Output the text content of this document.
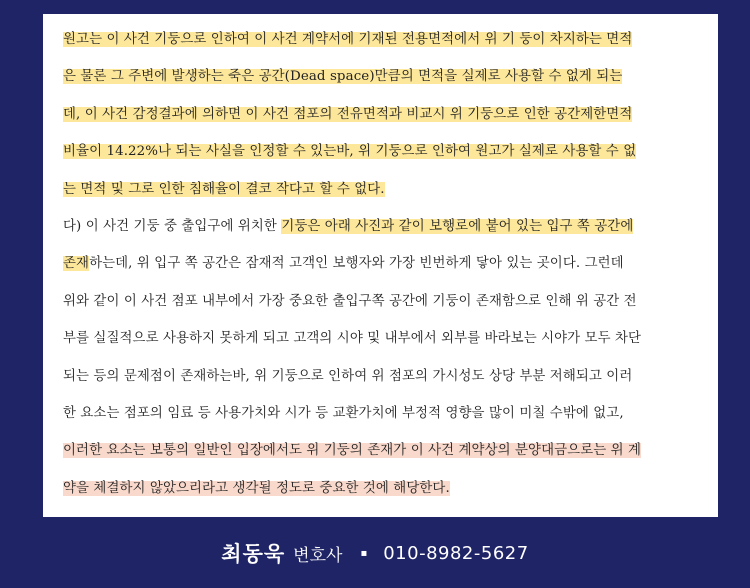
원고는 이 사건 기둥으로 인하여 이 사건 계약서에 기재된 전용면적에서 위 기 둥이 차지하는 면적
은 물론 그 주변에 발생하는 죽은 공간(Dead space)만큼의 면적을 실제로 사용할 수 없게 되는
데, 이 사건 감정결과에 의하면 이 사건 점포의 전유면적과 비교시 위 기둥으로 인한 공간제한면적
비율이 14.22%나 되는 사실을 인정할 수 있는바, 위 기둥으로 인하여 원고가 실제로 사용할 수 없
는 면적 및 그로 인한 침해율이 결코 작다고 할 수 없다.
다) 이 사건 기둥 중 출입구에 위치한 기둥은 아래 사진과 같이 보행로에 붙어 있는 입구 쪽 공간에
존재하는데, 위 입구 쪽 공간은 잠재적 고객인 보행자와 가장 빈번하게 닿아 있는 곳이다. 그런데
위와 같이 이 사건 점포 내부에서 가장 중요한 출입구쪽 공간에 기둥이 존재함으로 인해 위 공간 전
부를 실질적으로 사용하지 못하게 되고 고객의 시야 및 내부에서 외부를 바라보는 시야가 모두 차단
되는 등의 문제점이 존재하는바, 위 기둥으로 인하여 위 점포의 가시성도 상당 부분 저해되고 이러
한 요소는 점포의 임료 등 사용가치와 시가 등 교환가치에 부정적 영향을 많이 미칠 수밖에 없고,
이러한 요소는 보통의 일반인 입장에서도 위 기둥의 존재가 이 사건 계약상의 분양대금으로는 위 계
약을 체결하지 않았으리라고 생각될 정도로 중요한 것에 해당한다.
최동욱 변호사 ▪ 010-8982-5627
